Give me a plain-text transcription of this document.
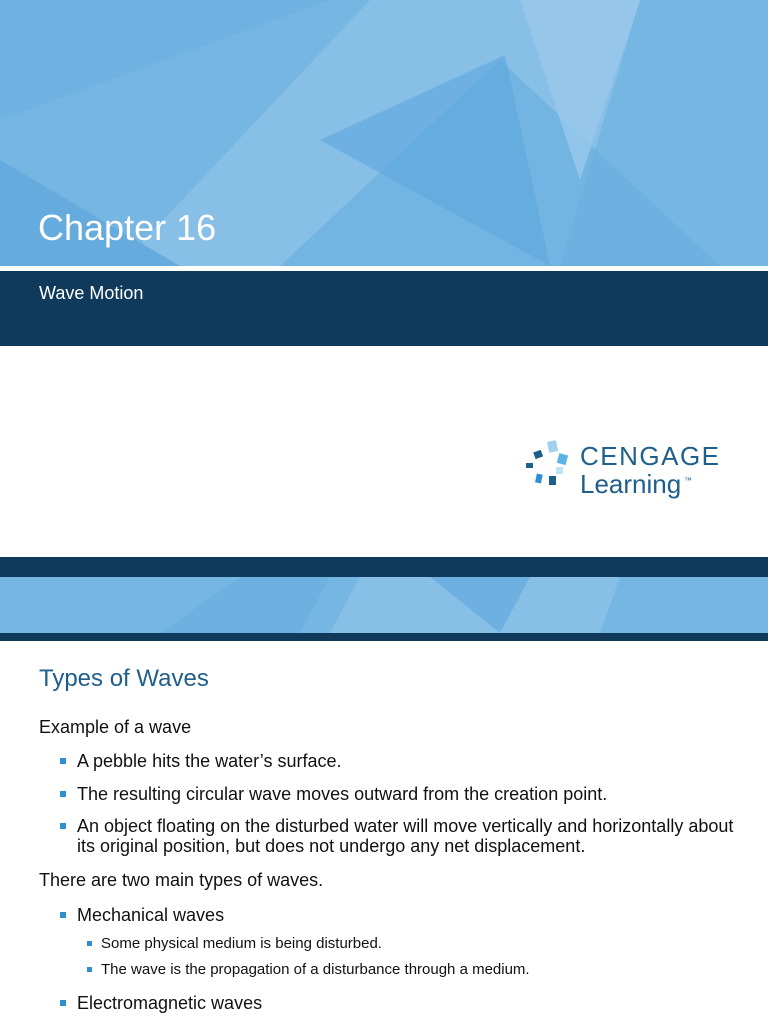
Chapter 16
Wave Motion
CENGAGE
Learning ™
Types of Waves
Example of a wave
A pebble hits the water’s surface.
The resulting circular wave moves outward from the creation point.
An object floating on the disturbed water will move vertically and horizontally about its original position, but does not undergo any net displacement.
There are two main types of waves.
Mechanical waves
Some physical medium is being disturbed.
The wave is the propagation of a disturbance through a medium.
Electromagnetic waves
